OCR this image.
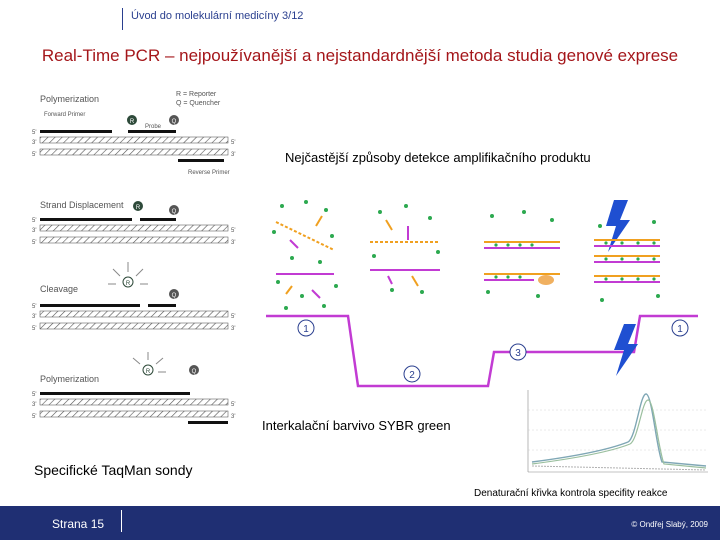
Úvod do molekulární medicíny 3/12
Real-Time PCR – nejpoužívanější a nejstandardnější metoda studia genové exprese
Polymerization	R = Reporter
Q = Quencher
Forward Primer
Probe
R	Q
Reverse Primer
5'
3'
5'
5'
3'
Strand Displacement R
Q
5'
3'
5'
5'
3'
Cleavage	R
Q
5'
3'
5'
5'
3'
Polymerization
R	Q
5'
3'
5'
5'
3'
Specifické TaqMan sondy
Nejčastější způsoby detekce amplifikačního produktu
1
2
3
1
Interkalační barvivo SYBR green
Denaturační křivka kontrola specifity reakce
Strana 15	© Ondřej Slabý, 2009
